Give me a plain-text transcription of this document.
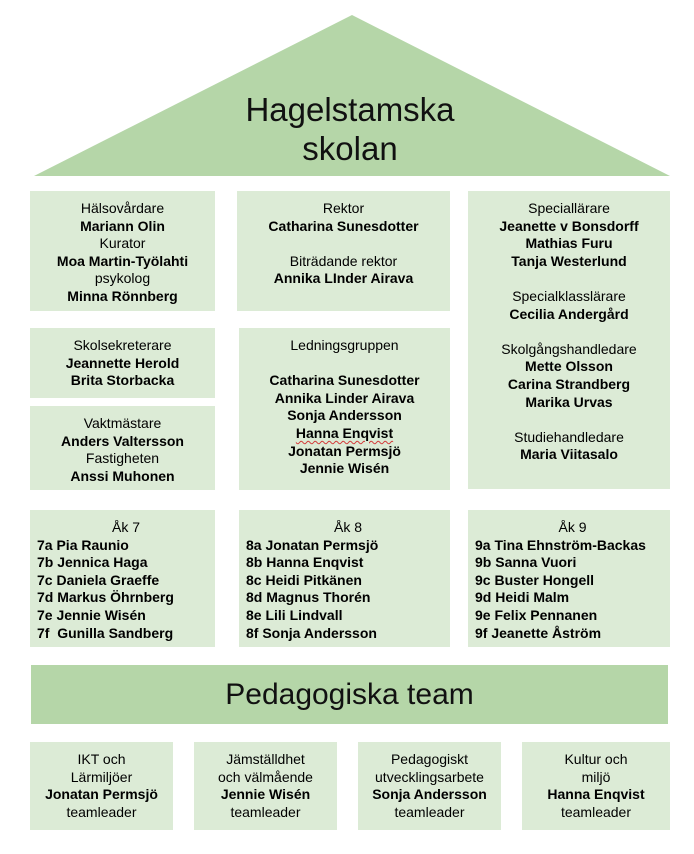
Hagelstamska
skolan
Hälsovårdare
Mariann Olin
Kurator
Moa Martin-Työlahti
psykolog
Minna Rönnberg
Rektor
Catharina Sunesdotter
Biträdande rektor
Annika LInder Airava
Speciallärare
Jeanette v Bonsdorff
Mathias Furu
Tanja Westerlund
Specialklasslärare
Cecilia Andergård
Skolgångshandledare
Mette Olsson
Carina Strandberg
Marika Urvas
Studiehandledare
Maria Viitasalo
Skolsekreterare
Jeannette Herold
Brita Storbacka
Ledningsgruppen
Catharina Sunesdotter
Annika Linder Airava
Sonja Andersson
Hanna Enqvist
Jonatan Permsjö
Jennie Wisén
Vaktmästare
Anders Valtersson
Fastigheten
Anssi Muhonen
Åk 7
7a Pia Raunio
7b Jennica Haga
7c Daniela Graeffe
7d Markus Öhrnberg
7e Jennie Wisén
7f  Gunilla Sandberg
Åk 8
8a Jonatan Permsjö
8b Hanna Enqvist
8c Heidi Pitkänen
8d Magnus Thorén
8e Lili Lindvall
8f Sonja Andersson
Åk 9
9a Tina Ehnström-Backas
9b Sanna Vuori
9c Buster Hongell
9d Heidi Malm
9e Felix Pennanen
9f Jeanette Åström
Pedagogiska team
IKT och
Lärmiljöer
Jonatan Permsjö
teamleader
Jämställdhet
och välmående
Jennie Wisén
teamleader
Pedagogiskt
utvecklingsarbete
Sonja Andersson
teamleader
Kultur och
miljö
Hanna Enqvist
teamleader
